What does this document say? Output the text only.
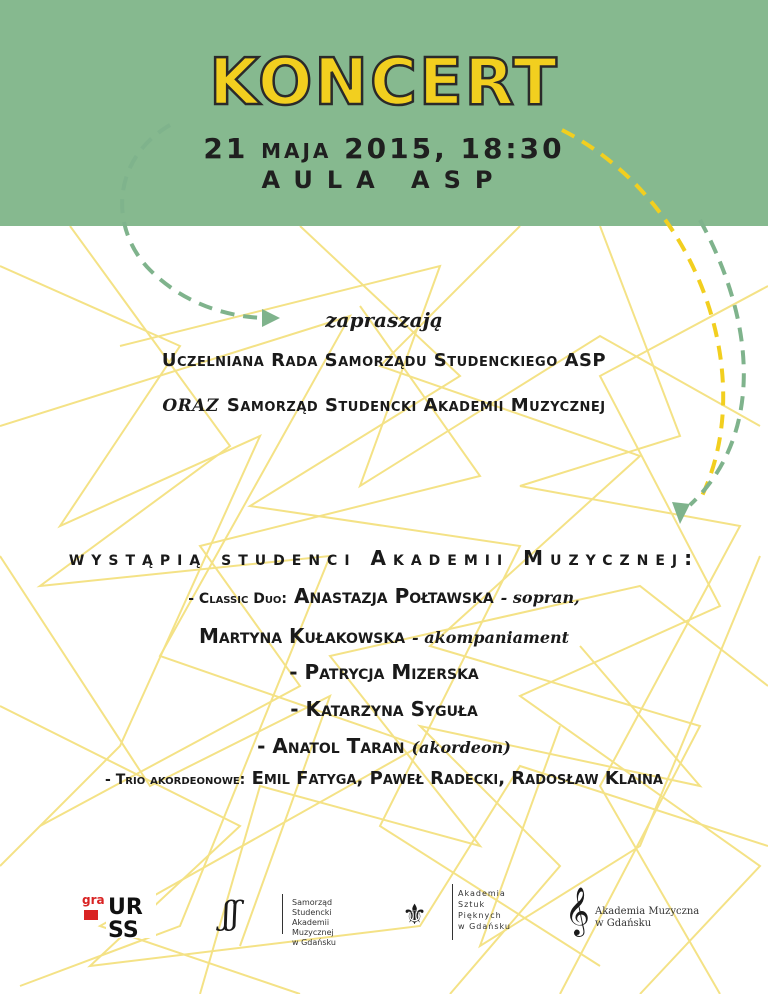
KONCERT
21 maja 2015, 18:30
AULA ASP
zapraszają
Uczelniana Rada Samorządu Studenckiego ASP
oraz Samorząd Studencki Akademii Muzycznej
wystąpią studenci Akademii Muzycznej:
- Classic Duo: Anastazja Połtawska - sopran,
Martyna Kułakowska - akompaniament
- Patrycja Mizerska
- Katarzyna Syguła
- Anatol Taran (akordeon)
- Trio akordeonowe: Emil Fatyga, Paweł Radecki, Radosław Klaina
gra UR
SS	ʃʃ	Samorząd Studencki
Akademii Muzycznej
w Gdańsku
⚜
Akademia
Sztuk
Pięknych
w Gdańsku 𝄞 Akademia Muzyczna
w Gdańsku
